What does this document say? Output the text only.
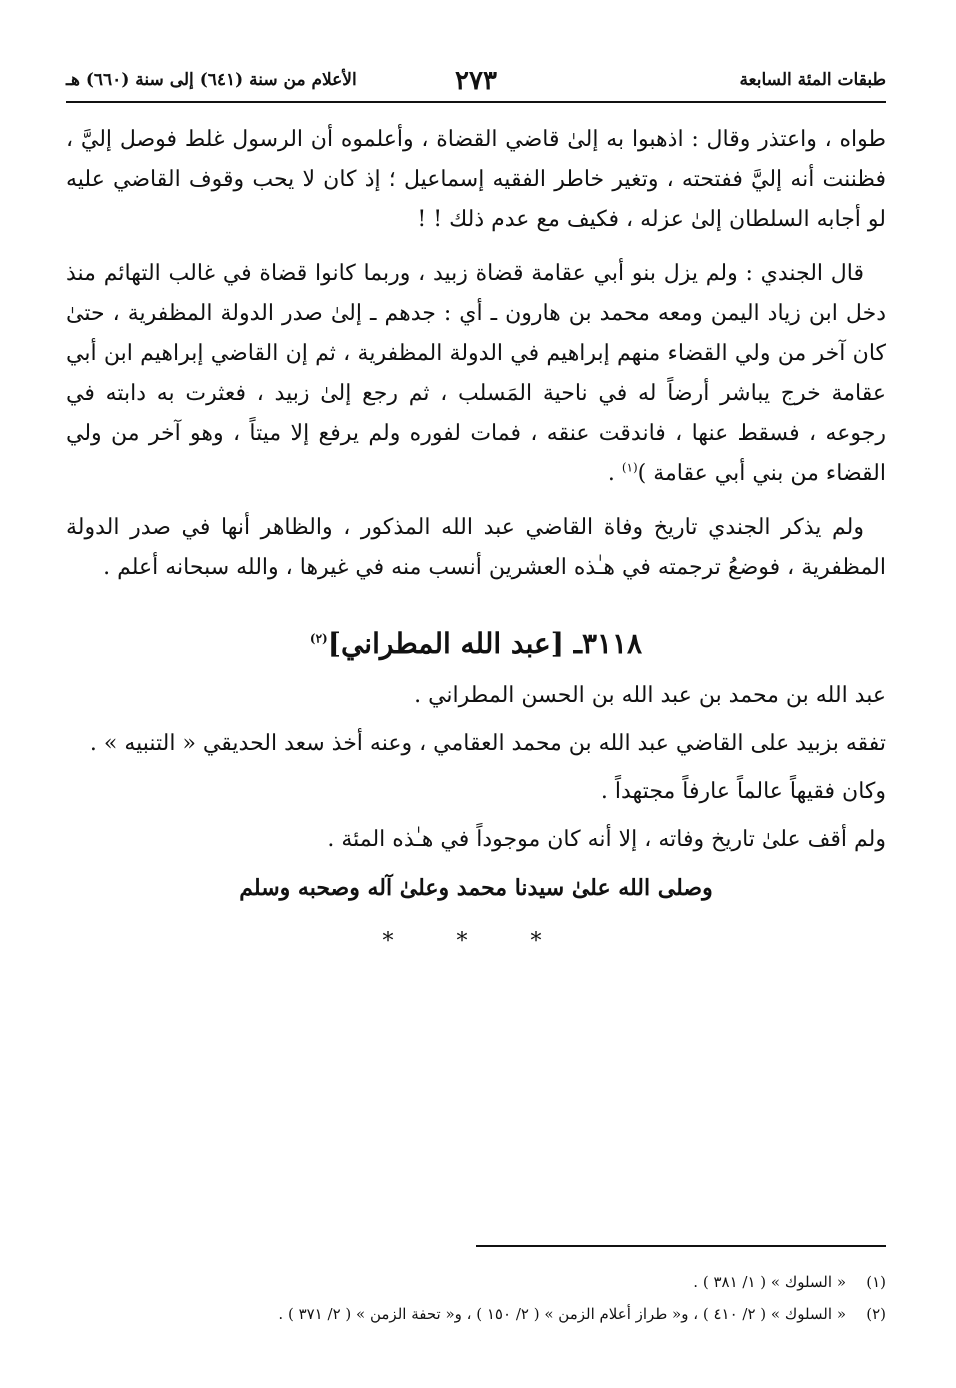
طبقات المئة السابعة
٢٧٣
الأعلام من سنة (٦٤١) إلى سنة (٦٦٠) هـ

طواه ، واعتذر وقال : اذهبوا به إلىٰ قاضي القضاة ، وأعلموه أن الرسول غلط فوصل إليَّ ، فظننت أنه إليَّ ففتحته ، وتغير خاطر الفقيه إسماعيل ؛ إذ كان لا يحب وقوف القاضي عليه لو أجابه السلطان إلىٰ عزله ، فكيف مع عدم ذلك ! !

قال الجندي : ولم يزل بنو أبي عقامة قضاة زبيد ، وربما كانوا قضاة في غالب التهائم منذ دخل ابن زياد اليمن ومعه محمد بن هارون ـ أي : جدهم ـ إلىٰ صدر الدولة المظفرية ، حتىٰ كان آخر من ولي القضاء منهم إبراهيم في الدولة المظفرية ، ثم إن القاضي إبراهيم ابن أبي عقامة خرج يباشر أرضاً له في ناحية المَسلب ، ثم رجع إلىٰ زبيد ، فعثرت به دابته في رجوعه ، فسقط عنها ، فاندقت عنقه ، فمات لفوره ولم يرفع إلا ميتاً ، وهو آخر من ولي القضاء من بني أبي عقامة )$^{(١)}$ .

ولم يذكر الجندي تاريخ وفاة القاضي عبد الله المذكور ، والظاهر أنها في صدر الدولة المظفرية ، فوضعُ ترجمته في هـٰذه العشرين أنسب منه في غيرها ، والله سبحانه أعلم .

٣١١٨ـ [عبد الله المطراني]$^{(٢)}$

عبد الله بن محمد بن عبد الله بن الحسن المطراني .

تفقه بزبيد على القاضي عبد الله بن محمد العقامي ، وعنه أخذ سعد الحديقي « التنبيه » .

وكان فقيهاً عالماً عارفاً مجتهداً .

ولم أقف علىٰ تاريخ وفاته ، إلا أنه كان موجوداً في هـٰذه المئة .

وصلى الله علىٰ سيدنا محمد وعلىٰ آله وصحبه وسلم
* * *
(١)« السلوك » ( ١/ ٣٨١ ) .
(٢)« السلوك » ( ٢/ ٤١٠ ) ، و« طراز أعلام الزمن » ( ٢/ ١٥٠ ) ، و« تحفة الزمن » ( ٢/ ٣٧١ ) .
